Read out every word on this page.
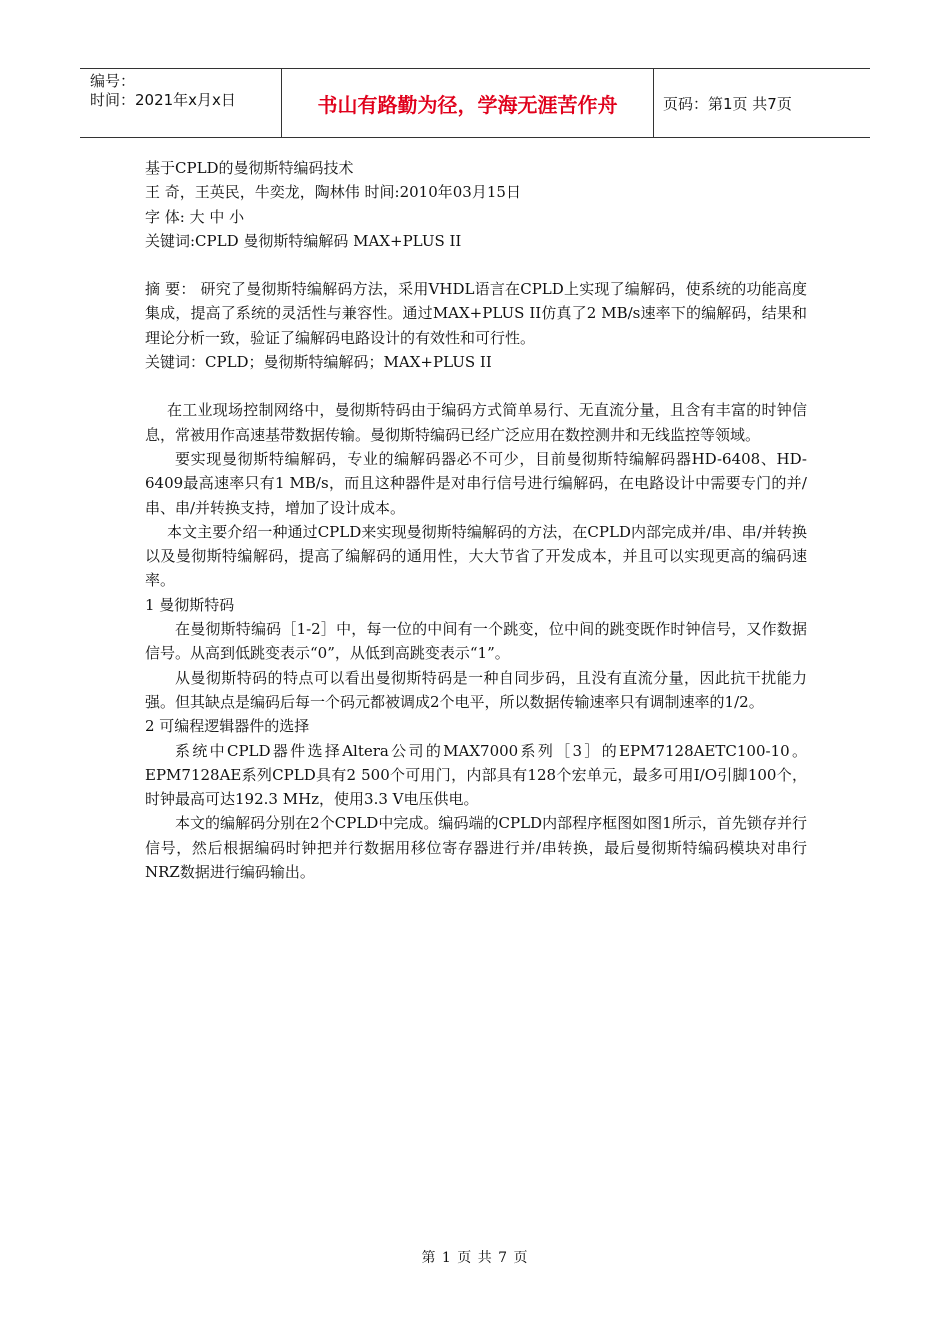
编号：
时间：2021年x月x日	书山有路勤为径，学海无涯苦作舟	页码：第1页 共7页

基于CPLD的曼彻斯特编码技术

王 奇，王英民，牛奕龙，陶林伟 时间:2010年03月15日

字 体: 大 中 小

关键词:CPLD 曼彻斯特编解码 MAX+PLUS II

摘 要： 研究了曼彻斯特编解码方法，采用VHDL语言在CPLD上实现了编解码，使系统的功能高度集成，提高了系统的灵活性与兼容性。通过MAX+PLUS II仿真了2 MB/s速率下的编解码，结果和理论分析一致，验证了编解码电路设计的有效性和可行性。

关键词：CPLD；曼彻斯特编解码；MAX+PLUS II

在工业现场控制网络中，曼彻斯特码由于编码方式简单易行、无直流分量，且含有丰富的时钟信息，常被用作高速基带数据传输。曼彻斯特编码已经广泛应用在数控测井和无线监控等领域。

要实现曼彻斯特编解码，专业的编解码器必不可少，目前曼彻斯特编解码器HD-6408、HD-6409最高速率只有1 MB/s，而且这种器件是对串行信号进行编解码，在电路设计中需要专门的并/串、串/并转换支持，增加了设计成本。

本文主要介绍一种通过CPLD来实现曼彻斯特编解码的方法，在CPLD内部完成并/串、串/并转换以及曼彻斯特编解码，提高了编解码的通用性，大大节省了开发成本，并且可以实现更高的编码速率。

1 曼彻斯特码

在曼彻斯特编码［1-2］中，每一位的中间有一个跳变，位中间的跳变既作时钟信号，又作数据信号。从高到低跳变表示“0”，从低到高跳变表示“1”。

从曼彻斯特码的特点可以看出曼彻斯特码是一种自同步码，且没有直流分量，因此抗干扰能力强。但其缺点是编码后每一个码元都被调成2个电平，所以数据传输速率只有调制速率的1/2。

2 可编程逻辑器件的选择

系统中CPLD器件选择Altera公司的MAX7000系列［3］的EPM7128AETC100-10。EPM7128AE系列CPLD具有2 500个可用门，内部具有128个宏单元，最多可用I/O引脚100个，时钟最高可达192.3 MHz，使用3.3 V电压供电。

本文的编解码分别在2个CPLD中完成。编码端的CPLD内部程序框图如图1所示，首先锁存并行信号，然后根据编码时钟把并行数据用移位寄存器进行并/串转换，最后曼彻斯特编码模块对串行NRZ数据进行编码输出。

第 1 页 共 7 页
